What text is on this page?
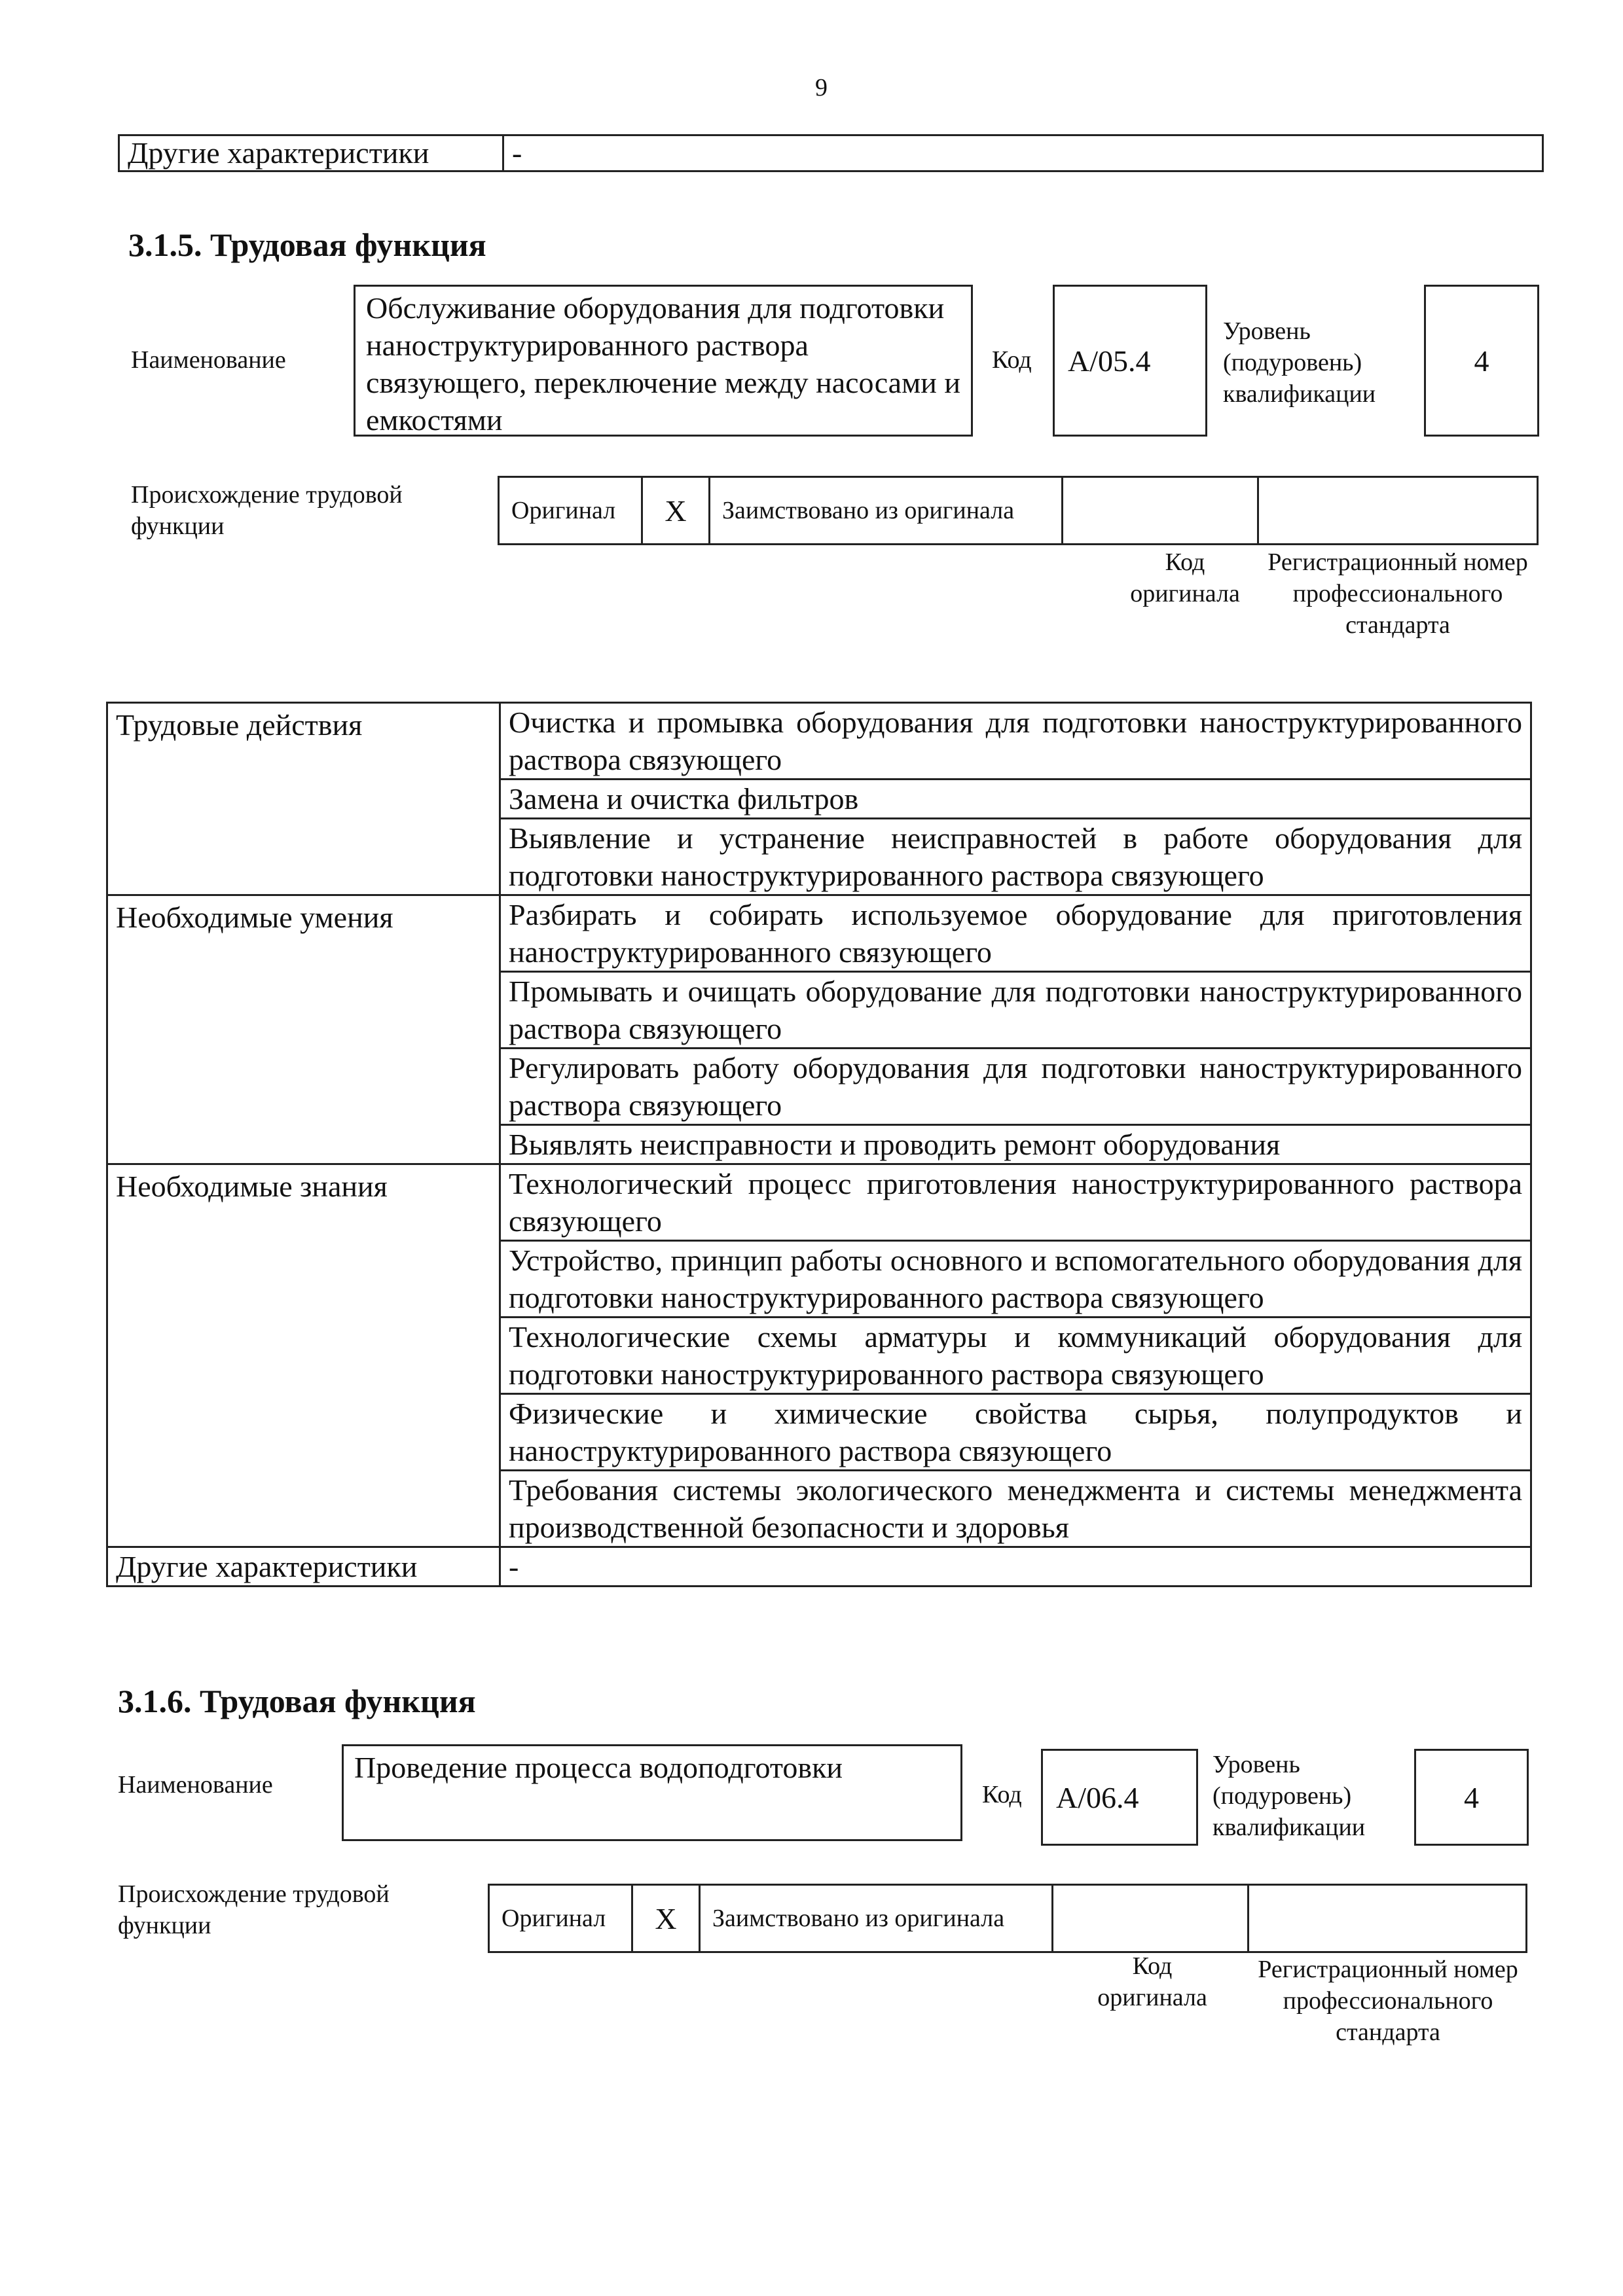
9
Другие характеристики	-
3.1.5. Трудовая функция
Наименование
Обслуживание оборудования для подготовки наноструктурированного раствора связующего, переключение между насосами и емкостями
Код	A/05.4
Уровень (подуровень) квалификации
4
Происхождение трудовой функции
Оригинал	X	Заимствовано из оригинала		
Код оригинала
Регистрационный номер профессионального стандарта
Трудовые действия	Очистка и промывка оборудования для подготовки наноструктурированного раствора связующего
	Замена и очистка фильтров
	Выявление и устранение неисправностей в работе оборудования для подготовки наноструктурированного раствора связующего
Необходимые умения	Разбирать и собирать используемое оборудование для приготовления наноструктурированного связующего
	Промывать и очищать оборудование для подготовки наноструктурированного раствора связующего
	Регулировать работу оборудования для подготовки наноструктурированного раствора связующего
	Выявлять неисправности и проводить ремонт оборудования
Необходимые знания	Технологический процесс приготовления наноструктурированного раствора связующего
	Устройство, принцип работы основного и вспомогательного оборудования для подготовки наноструктурированного раствора связующего
	Технологические схемы арматуры и коммуникаций оборудования для подготовки наноструктурированного раствора связующего
	Физические и химические свойства сырья, полупродуктов и наноструктурированного раствора связующего
	Требования системы экологического менеджмента и системы менеджмента производственной безопасности и здоровья
Другие характеристики	-
3.1.6. Трудовая функция
Наименование
Проведение процесса водоподготовки
Код	A/06.4
Уровень (подуровень) квалификации
4
Происхождение трудовой функции	Оригинал	X	Заимствовано из оригинала		
Код оригинала
Регистрационный номер профессионального стандарта
